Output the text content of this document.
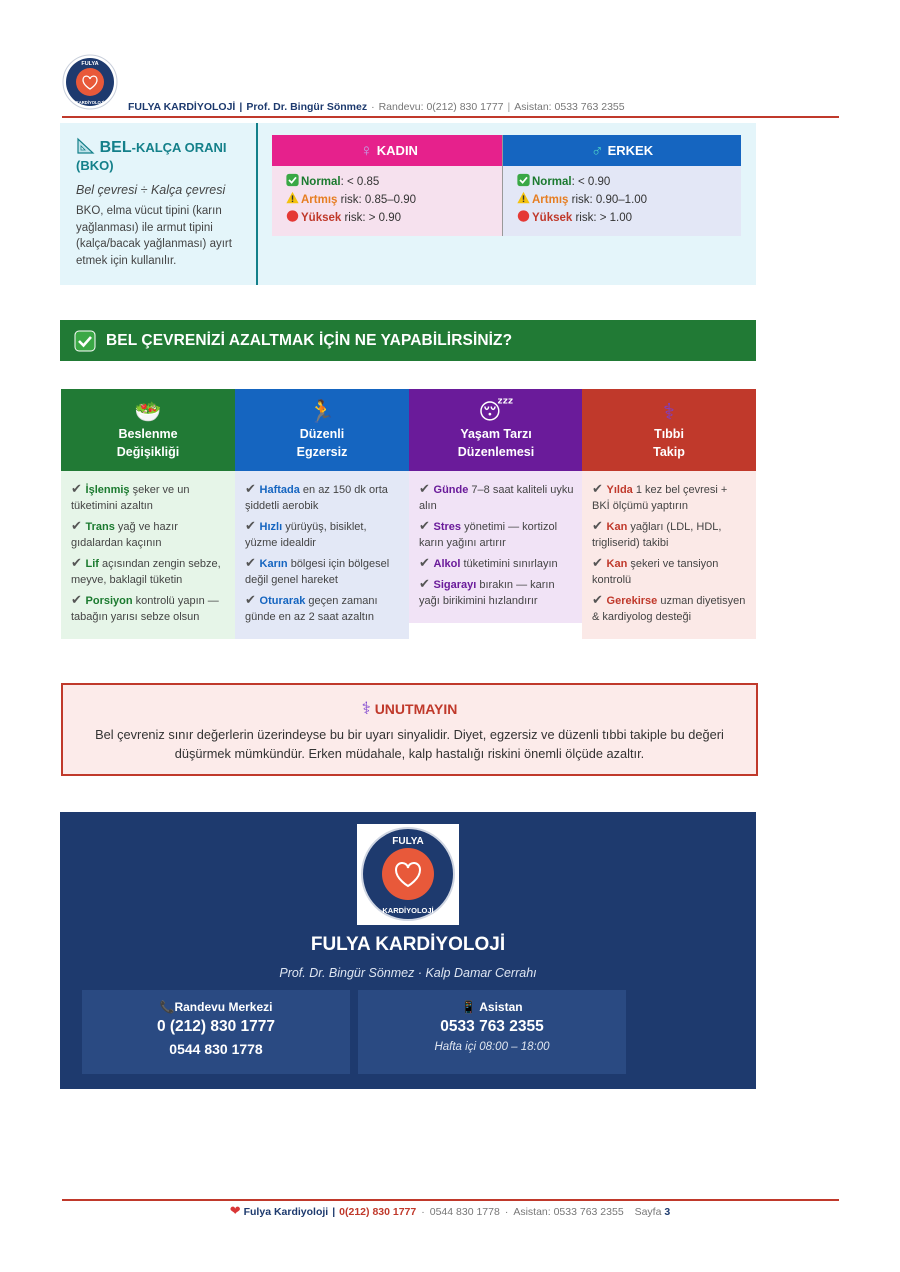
FULYA
KARDİYOLOJİ FULYA KARDİYOLOJİ | Prof. Dr. Bingür Sönmez · Randevu: 0(212) 830 1777 | Asistan: 0533 763 2355
BEL-KALÇA ORANI
(BKO)
Bel çevresi ÷ Kalça çevresi
BKO, elma vücut tipini (karın yağlanması) ile armut tipini (kalça/bacak yağlanması) ayırt etmek için kullanılır.
♀ KADIN
Normal: < 0.85
Artmış risk: 0.85–0.90
Yüksek risk: > 0.90
♂ ERKEK
Normal: < 0.90
Artmış risk: 0.90–1.00
Yüksek risk: > 1.00
BEL ÇEVRENİZİ AZALTMAK İÇİN NE YAPABİLİRSİNİZ?
🥗
Beslenme
Değişikliği
✔ İşlenmiş şeker ve un tüketimini azaltın
✔ Trans yağ ve hazır gıdalardan kaçının
✔ Lif açısından zengin sebze, meyve, baklagil tüketin
✔ Porsiyon kontrolü yapın — tabağın yarısı sebze olsun
🏃
Düzenli
Egzersiz
✔ Haftada en az 150 dk orta şiddetli aerobik
✔ Hızlı yürüyüş, bisiklet, yüzme idealdir
✔ Karın bölgesi için bölgesel değil genel hareket
✔ Oturarak geçen zamanı günde en az 2 saat azaltın
😴
Yaşam Tarzı
Düzenlemesi
✔ Günde 7–8 saat kaliteli uyku alın
✔ Stres yönetimi — kortizol karın yağını artırır
✔ Alkol tüketimini sınırlayın
✔ Sigarayı bırakın — karın yağı birikimini hızlandırır
⚕
Tıbbi
Takip
✔ Yılda 1 kez bel çevresi + BKİ ölçümü yaptırın
✔ Kan yağları (LDL, HDL, trigliserid) takibi
✔ Kan şekeri ve tansiyon kontrolü
✔ Gerekirse uzman diyetisyen & kardiyolog desteği
⚕ UNUTMAYIN
Bel çevreniz sınır değerlerin üzerindeyse bu bir uyarı sinyalidir. Diyet, egzersiz ve düzenli tıbbi takiple bu değeri düşürmek mümkündür. Erken müdahale, kalp hastalığı riskini önemli ölçüde azaltır.
FULYA
KARDİYOLOJİ
FULYA KARDİYOLOJİ
Prof. Dr. Bingür Sönmez · Kalp Damar Cerrahı
📞Randevu Merkezi
0 (212) 830 1777
0544 830 1778
📱 Asistan
0533 763 2355
Hafta içi 08:00 – 18:00
❤ Fulya Kardiyoloji | 0(212) 830 1777 · 0544 830 1778 · Asistan: 0533 763 2355 Sayfa 3
